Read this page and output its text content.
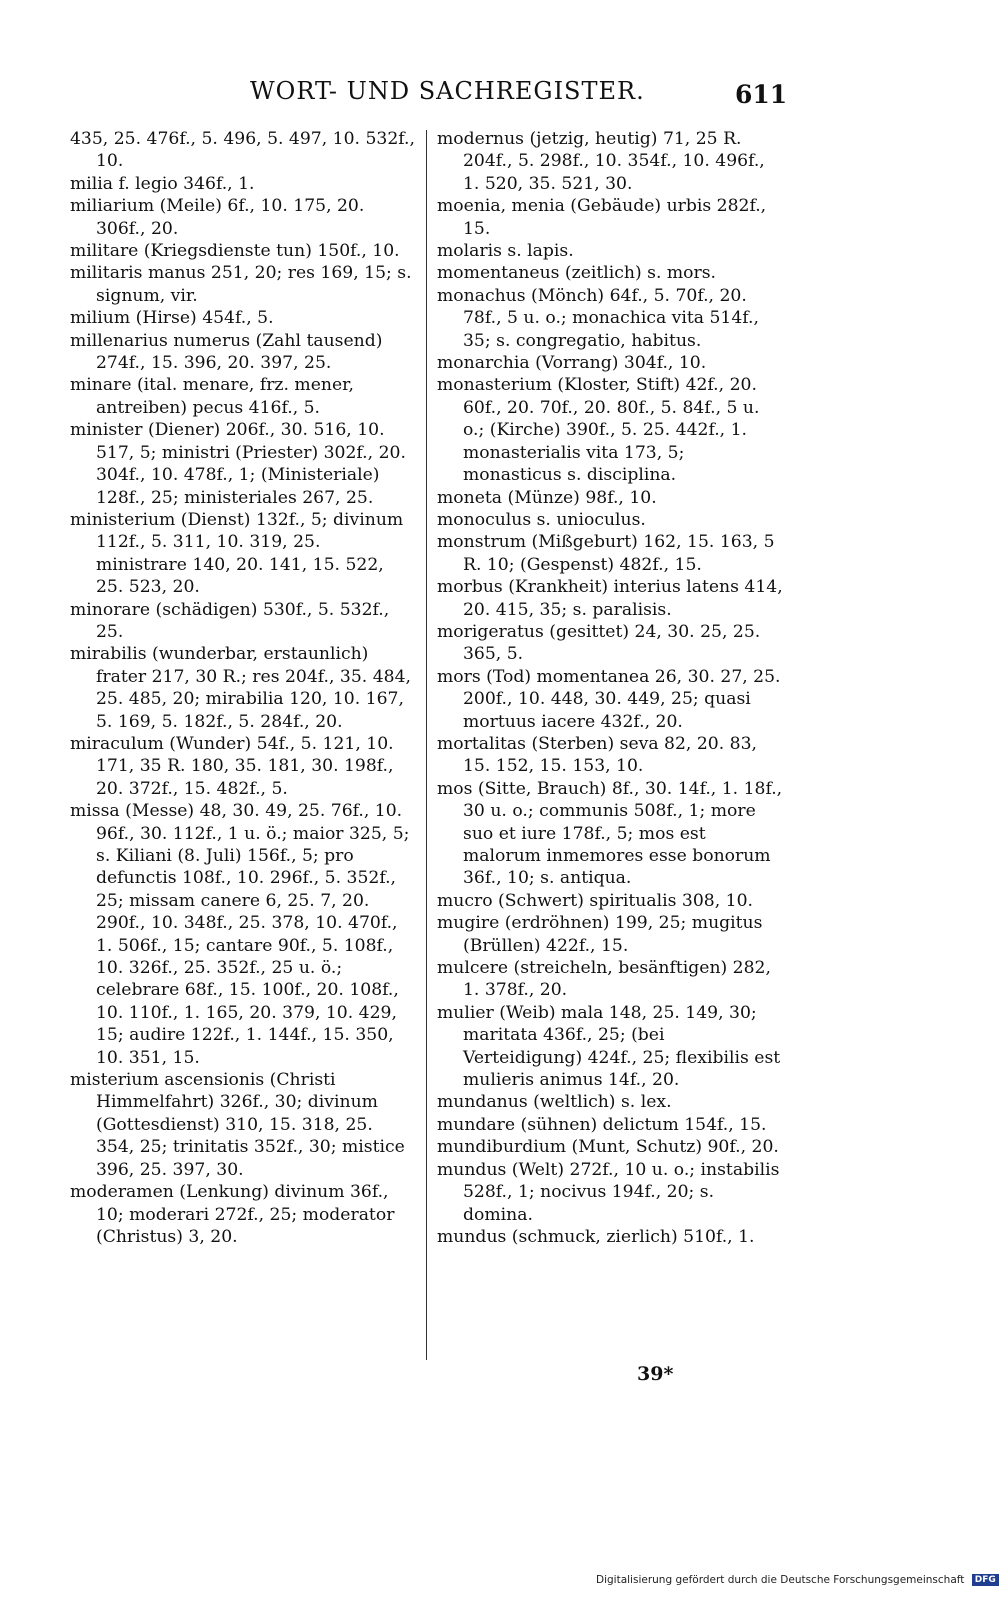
WORT- UND SACHREGISTER.	611

435, 25. 476f., 5. 496, 5. 497, 10. 532f., 10.

milia f. legio 346f., 1.

miliarium (Meile) 6f., 10. 175, 20. 306f., 20.

militare (Kriegsdienste tun) 150f., 10.

militaris manus 251, 20; res 169, 15; s. signum, vir.

milium (Hirse) 454f., 5.

millenarius numerus (Zahl tausend) 274f., 15. 396, 20. 397, 25.

minare (ital. menare, frz. mener, antreiben) pecus 416f., 5.

minister (Diener) 206f., 30. 516, 10. 517, 5; ministri (Priester) 302f., 20. 304f., 10. 478f., 1; (Ministeriale) 128f., 25; ministeriales 267, 25.

ministerium (Dienst) 132f., 5; divinum 112f., 5. 311, 10. 319, 25. ministrare 140, 20. 141, 15. 522, 25. 523, 20.

minorare (schädigen) 530f., 5. 532f., 25.

mirabilis (wunderbar, erstaunlich) frater 217, 30 R.; res 204f., 35. 484, 25. 485, 20; mirabilia 120, 10. 167, 5. 169, 5. 182f., 5. 284f., 20.

miraculum (Wunder) 54f., 5. 121, 10. 171, 35 R. 180, 35. 181, 30. 198f., 20. 372f., 15. 482f., 5.

missa (Messe) 48, 30. 49, 25. 76f., 10. 96f., 30. 112f., 1 u. ö.; maior 325, 5; s. Kiliani (8. Juli) 156f., 5; pro defunctis 108f., 10. 296f., 5. 352f., 25; missam canere 6, 25. 7, 20. 290f., 10. 348f., 25. 378, 10. 470f., 1. 506f., 15; cantare 90f., 5. 108f., 10. 326f., 25. 352f., 25 u. ö.; celebrare 68f., 15. 100f., 20. 108f., 10. 110f., 1. 165, 20. 379, 10. 429, 15; audire 122f., 1. 144f., 15. 350, 10. 351, 15.

misterium ascensionis (Christi Himmelfahrt) 326f., 30; divinum (Gottesdienst) 310, 15. 318, 25. 354, 25; trinitatis 352f., 30; mistice 396, 25. 397, 30.

moderamen (Lenkung) divinum 36f., 10; moderari 272f., 25; moderator (Christus) 3, 20.

modernus (jetzig, heutig) 71, 25 R. 204f., 5. 298f., 10. 354f., 10. 496f., 1. 520, 35. 521, 30.

moenia, menia (Gebäude) urbis 282f., 15.

molaris s. lapis.

momentaneus (zeitlich) s. mors.

monachus (Mönch) 64f., 5. 70f., 20. 78f., 5 u. o.; monachica vita 514f., 35; s. congregatio, habitus.

monarchia (Vorrang) 304f., 10.

monasterium (Kloster, Stift) 42f., 20. 60f., 20. 70f., 20. 80f., 5. 84f., 5 u. o.; (Kirche) 390f., 5. 25. 442f., 1. monasterialis vita 173, 5; monasticus s. disciplina.

moneta (Münze) 98f., 10.

monoculus s. unioculus.

monstrum (Mißgeburt) 162, 15. 163, 5 R. 10; (Gespenst) 482f., 15.

morbus (Krankheit) interius latens 414, 20. 415, 35; s. paralisis.

morigeratus (gesittet) 24, 30. 25, 25. 365, 5.

mors (Tod) momentanea 26, 30. 27, 25. 200f., 10. 448, 30. 449, 25; quasi mortuus iacere 432f., 20.

mortalitas (Sterben) seva 82, 20. 83, 15. 152, 15. 153, 10.

mos (Sitte, Brauch) 8f., 30. 14f., 1. 18f., 30 u. o.; communis 508f., 1; more suo et iure 178f., 5; mos est malorum inmemores esse bonorum 36f., 10; s. antiqua.

mucro (Schwert) spiritualis 308, 10.

mugire (erdröhnen) 199, 25; mugitus (Brüllen) 422f., 15.

mulcere (streicheln, besänftigen) 282, 1. 378f., 20.

mulier (Weib) mala 148, 25. 149, 30; maritata 436f., 25; (bei Verteidigung) 424f., 25; flexibilis est mulieris animus 14f., 20.

mundanus (weltlich) s. lex.

mundare (sühnen) delictum 154f., 15.

mundiburdium (Munt, Schutz) 90f., 20.

mundus (Welt) 272f., 10 u. o.; instabilis 528f., 1; nocivus 194f., 20; s. domina.

mundus (schmuck, zierlich) 510f., 1.

39*
Digitalisierung gefördert durch die Deutsche Forschungsgemeinschaft DFG
